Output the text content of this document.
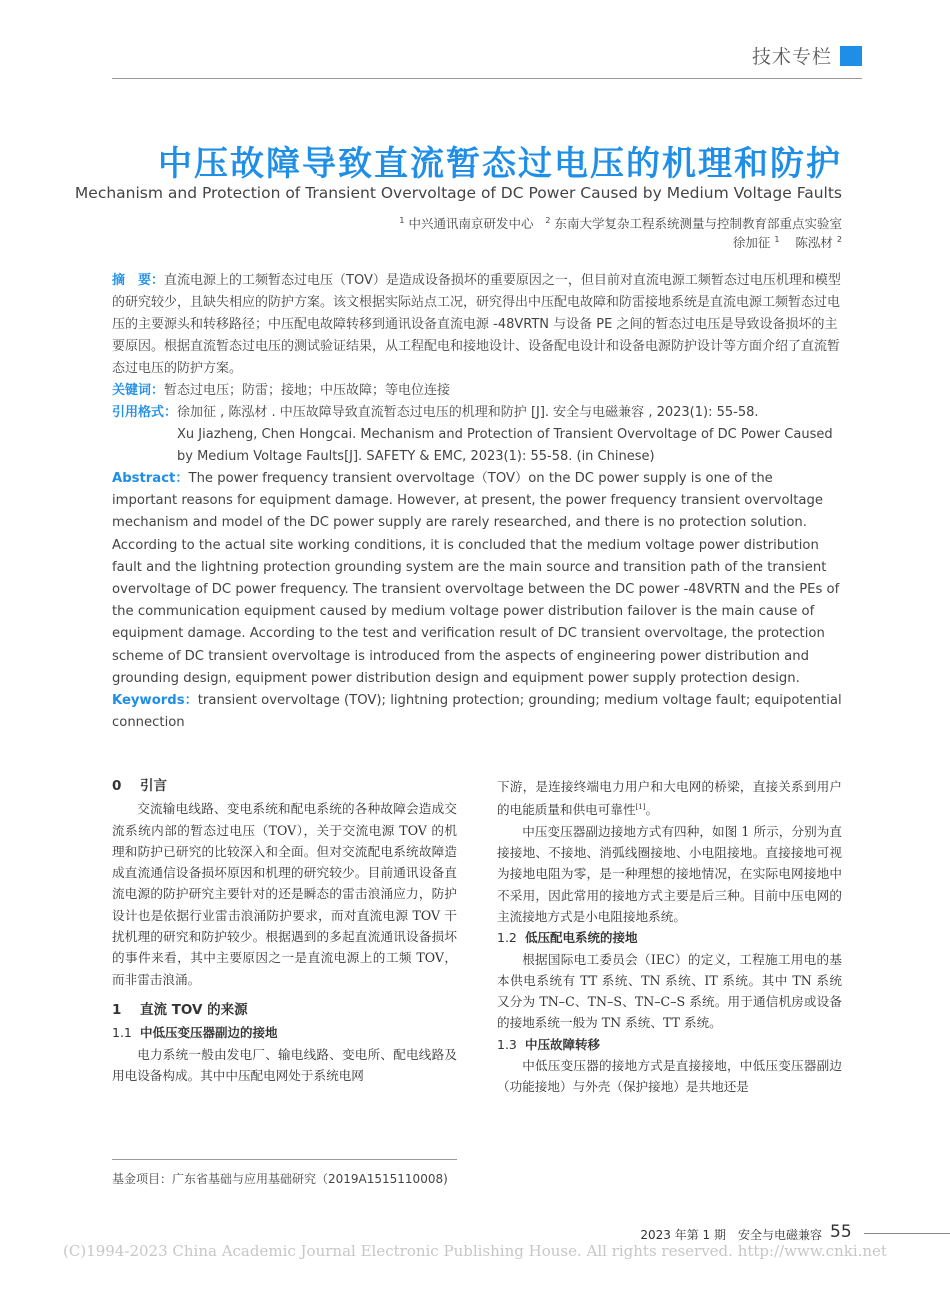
技术专栏
中压故障导致直流暂态过电压的机理和防护
Mechanism and Protection of Transient Overvoltage of DC Power Caused by Medium Voltage Faults
$^1$ 中兴通讯南京研发中心 $^2$ 东南大学复杂工程系统测量与控制教育部重点实验室
徐加征 $^1$ 陈泓材 $^2$
摘　要：直流电源上的工频暂态过电压（TOV）是造成设备损坏的重要原因之一，但目前对直流电源工频暂态过电压机理和模型的研究较少，且缺失相应的防护方案。该文根据实际站点工况，研究得出中压配电故障和防雷接地系统是直流电源工频暂态过电压的主要源头和转移路径；中压配电故障转移到通讯设备直流电源 -48VRTN 与设备 PE 之间的暂态过电压是导致设备损坏的主要原因。根据直流暂态过电压的测试验证结果，从工程配电和接地设计、设备配电设计和设备电源防护设计等方面介绍了直流暂态过电压的防护方案。
关键词：暂态过电压；防雷；接地；中压故障；等电位连接
引用格式： 徐加征 , 陈泓材 . 中压故障导致直流暂态过电压的机理和防护 [J]. 安全与电磁兼容 , 2023(1): 55-58.
Xu Jiazheng, Chen Hongcai. Mechanism and Protection of Transient Overvoltage of DC Power Caused by Medium Voltage Faults[J]. SAFETY & EMC, 2023(1): 55-58. (in Chinese)
Abstract：The power frequency transient overvoltage（TOV）on the DC power supply is one of the important reasons for equipment damage. However, at present, the power frequency transient overvoltage mechanism and model of the DC power supply are rarely researched, and there is no protection solution. According to the actual site working conditions, it is concluded that the medium voltage power distribution fault and the lightning protection grounding system are the main source and transition path of the transient overvoltage of DC power frequency. The transient overvoltage between the DC power -48VRTN and the PEs of the communication equipment caused by medium voltage power distribution failover is the main cause of equipment damage. According to the test and verification result of DC transient overvoltage, the protection scheme of DC transient overvoltage is introduced from the aspects of engineering power distribution and grounding design, equipment power distribution design and equipment power supply protection design.
Keywords：transient overvoltage (TOV); lightning protection; grounding; medium voltage fault; equipotential connection
0 引言

交流输电线路、变电系统和配电系统的各种故障会造成交流系统内部的暂态过电压（TOV），关于交流电源 TOV 的机理和防护已研究的比较深入和全面。但对交流配电系统故障造成直流通信设备损坏原因和机理的研究较少。目前通讯设备直流电源的防护研究主要针对的还是瞬态的雷击浪涌应力，防护设计也是依据行业雷击浪涌防护要求，而对直流电源 TOV 干扰机理的研究和防护较少。根据遇到的多起直流通讯设备损坏的事件来看，其中主要原因之一是直流电源上的工频 TOV，而非雷击浪涌。

1 直流 TOV 的来源
1.1 中低压变压器副边的接地

电力系统一般由发电厂、输电线路、变电所、配电线路及用电设备构成。其中中压配电网处于系统电网

下游，是连接终端电力用户和大电网的桥梁，直接关系到用户的电能质量和供电可靠性[1]。

中压变压器副边接地方式有四种，如图 1 所示，分别为直接接地、不接地、消弧线圈接地、小电阻接地。直接接地可视为接地电阻为零，是一种理想的接地情况，在实际电网接地中不采用，因此常用的接地方式主要是后三种。目前中压电网的主流接地方式是小电阻接地系统。

1.2 低压配电系统的接地

根据国际电工委员会（IEC）的定义，工程施工用电的基本供电系统有 TT 系统、TN 系统、IT 系统。其中 TN 系统又分为 TN–C、TN–S、TN–C–S 系统。用于通信机房或设备的接地系统一般为 TN 系统、TT 系统。

1.3 中压故障转移

中低压变压器的接地方式是直接接地，中低压变压器副边（功能接地）与外壳（保护接地）是共地还是

基金项目：广东省基础与应用基础研究（2019A1515110008)
2023 年第 1 期　安全与电磁兼容 55
(C)1994-2023 China Academic Journal Electronic Publishing House. All rights reserved. http://www.cnki.net
